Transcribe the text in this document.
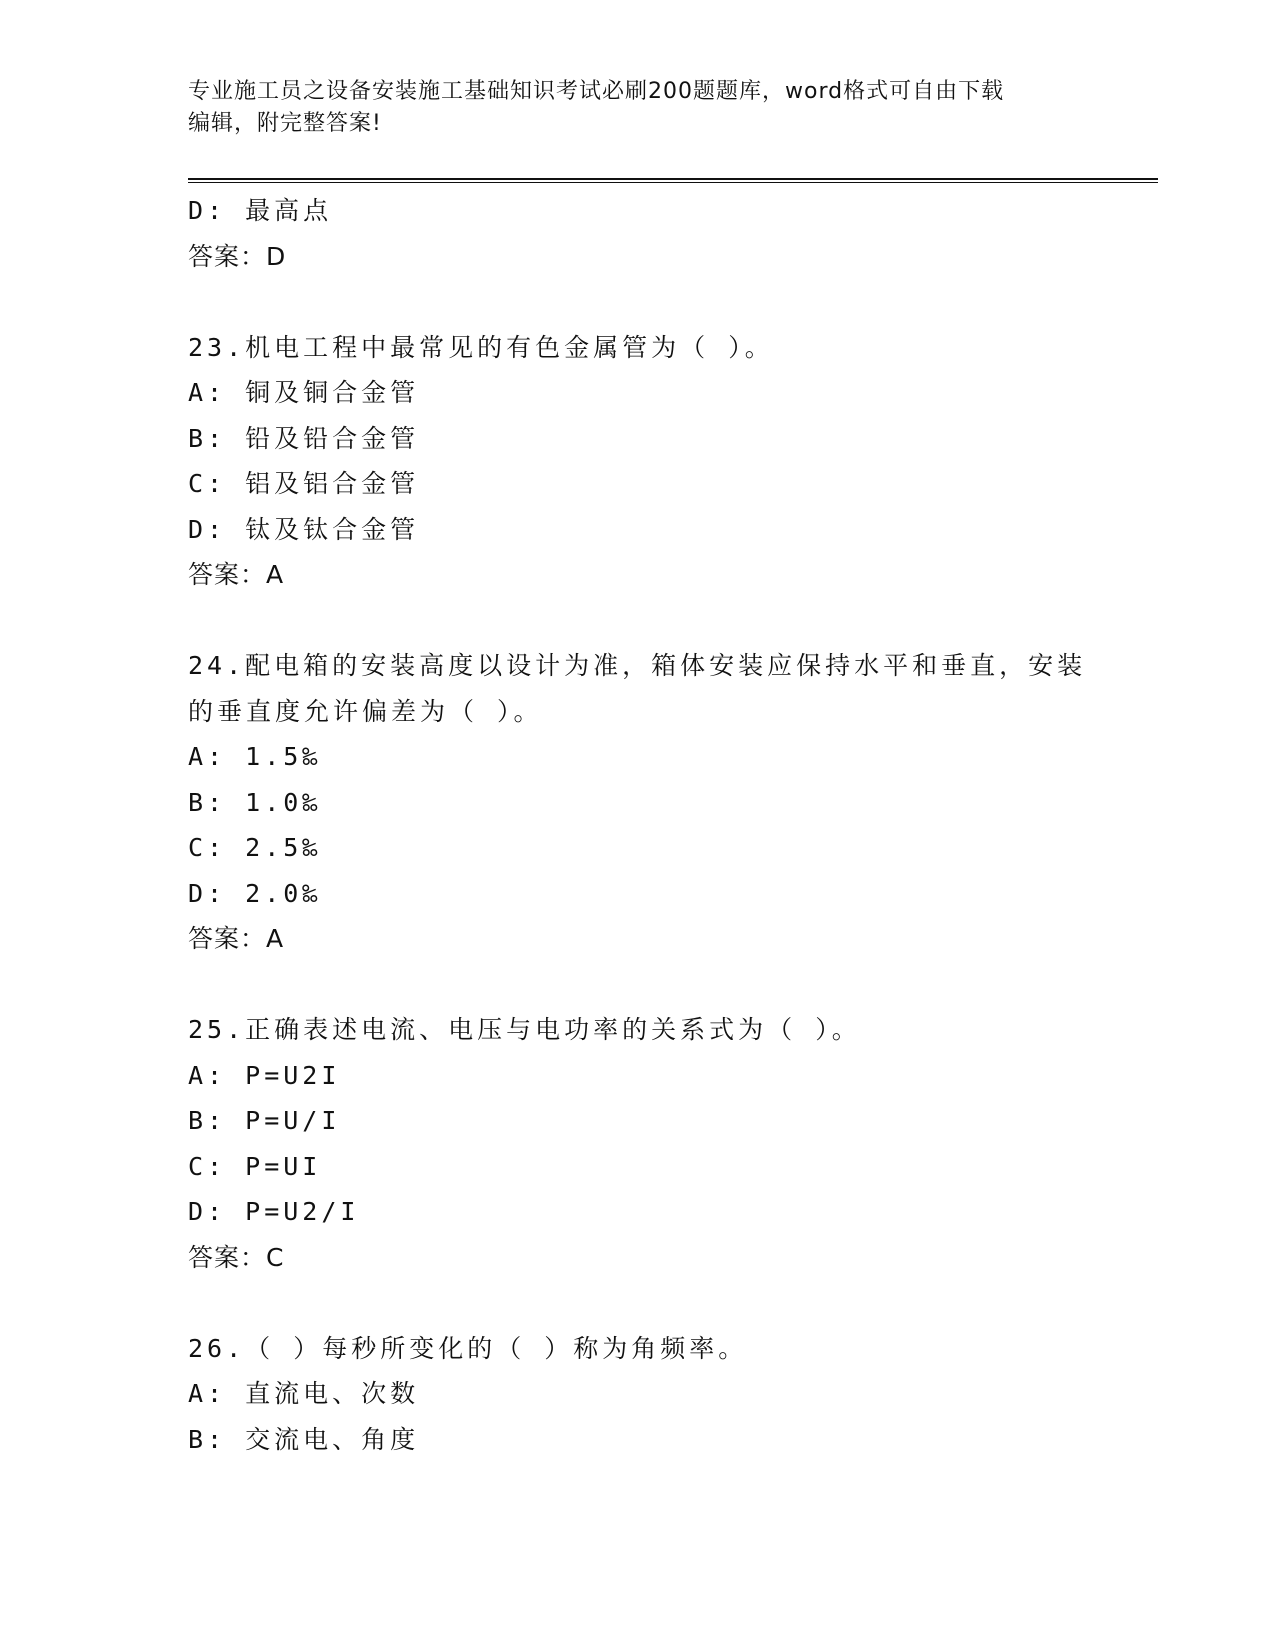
专业施工员之设备安装施工基础知识考试必刷200题题库，word格式可自由下载
编辑，附完整答案!
D: 最高点
答案：D
23.机电工程中最常见的有色金属管为（ ）。
A: 铜及铜合金管
B: 铅及铅合金管
C: 铝及铝合金管
D: 钛及钛合金管
答案：A
24.配电箱的安装高度以设计为准，箱体安装应保持水平和垂直，安装
的垂直度允许偏差为（ ）。
A: 1.5‰
B: 1.0‰
C: 2.5‰
D: 2.0‰
答案：A
25.正确表述电流、电压与电功率的关系式为（ ）。
A: P=U2I
B: P=U/I
C: P=UI
D: P=U2/I
答案：C
26.（ ）每秒所变化的（ ）称为角频率。
A: 直流电、次数
B: 交流电、角度
